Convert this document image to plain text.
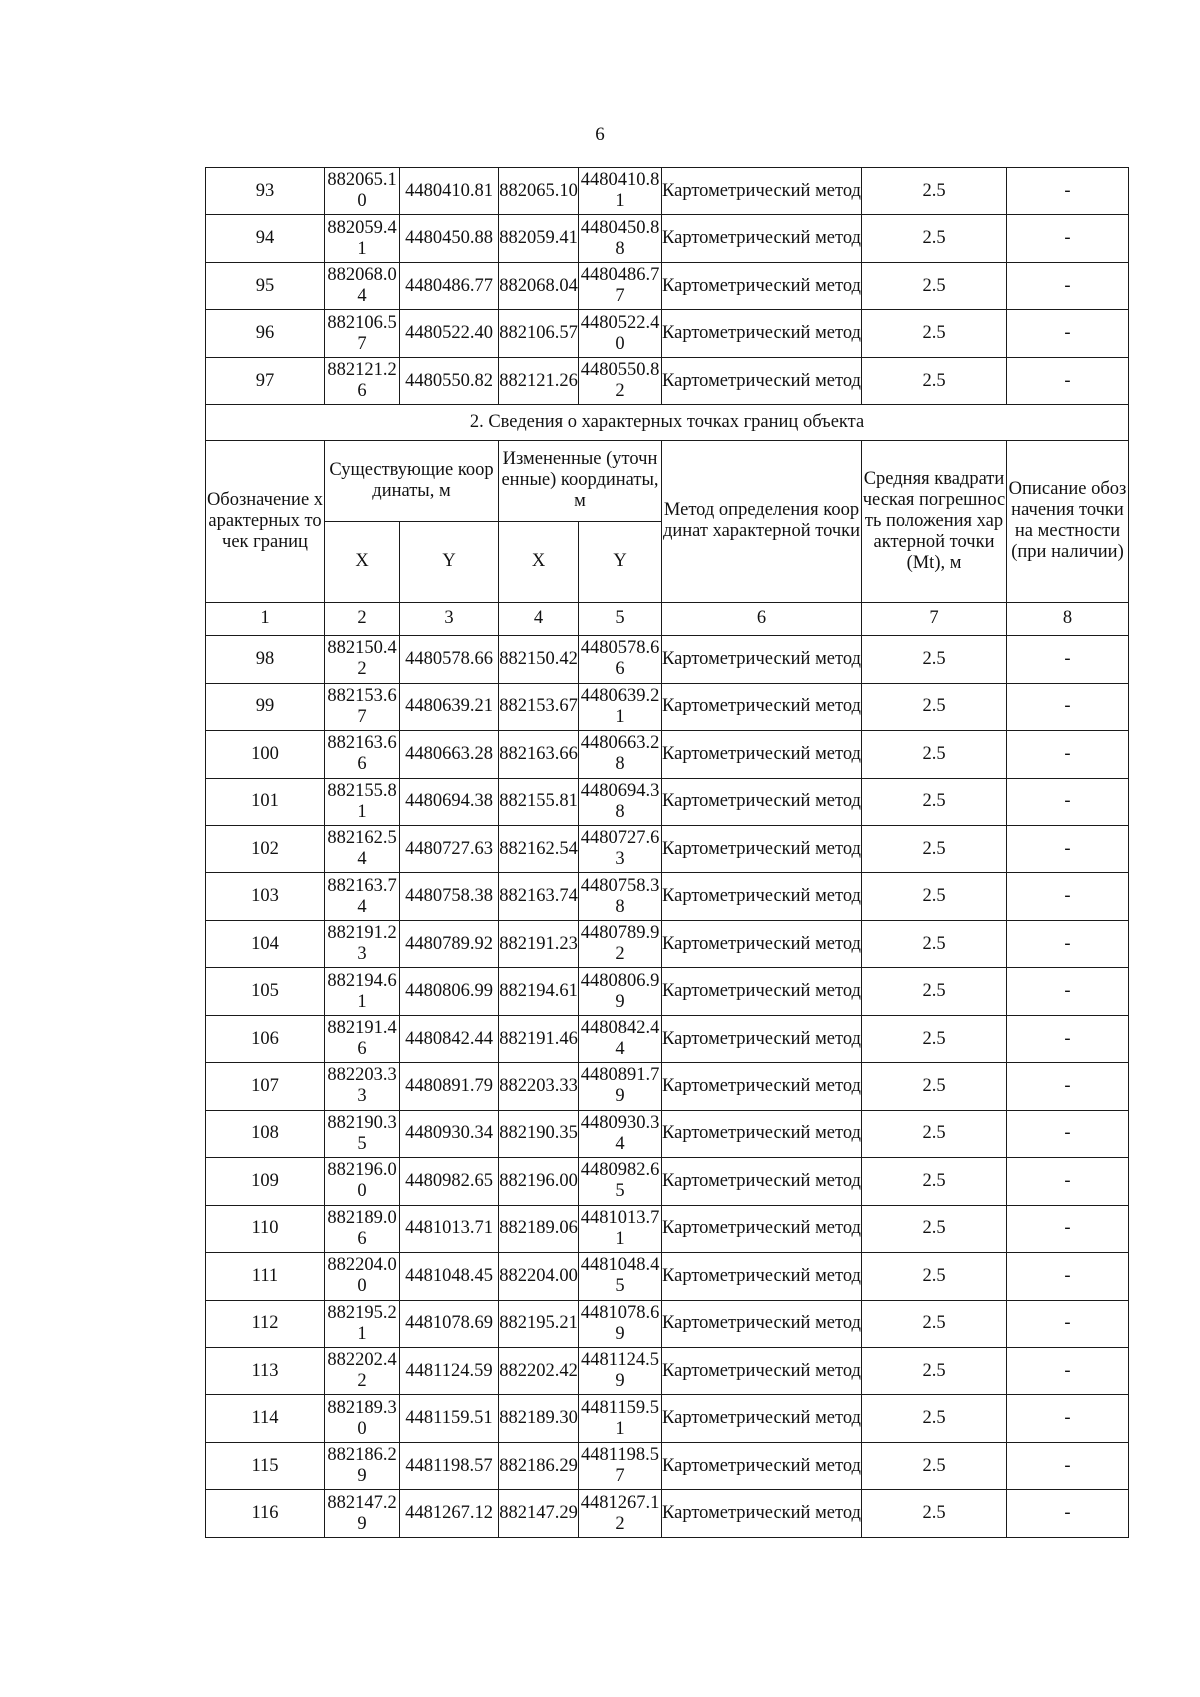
6
93	882065.10	4480410.81	882065.10	4480410.81	Картометрический метод	2.5	-
94	882059.41	4480450.88	882059.41	4480450.88	Картометрический метод	2.5	-
95	882068.04	4480486.77	882068.04	4480486.77	Картометрический метод	2.5	-
96	882106.57	4480522.40	882106.57	4480522.40	Картометрический метод	2.5	-
97	882121.26	4480550.82	882121.26	4480550.82	Картометрический метод	2.5	-
2. Сведения о характерных точках границ объекта							
Обозначение характерных точек границ	Существующие координаты, м		Измененные (уточненные) координаты, м		Метод определения координат характерной точки	Средняя квадратическая погрешность положения характерной точки (Mt), м	Описание обозначения точки на местности (при наличии)
	X	Y	X	Y			
1	2	3	4	5	6	7	8
98	882150.42	4480578.66	882150.42	4480578.66	Картометрический метод	2.5	-
99	882153.67	4480639.21	882153.67	4480639.21	Картометрический метод	2.5	-
100	882163.66	4480663.28	882163.66	4480663.28	Картометрический метод	2.5	-
101	882155.81	4480694.38	882155.81	4480694.38	Картометрический метод	2.5	-
102	882162.54	4480727.63	882162.54	4480727.63	Картометрический метод	2.5	-
103	882163.74	4480758.38	882163.74	4480758.38	Картометрический метод	2.5	-
104	882191.23	4480789.92	882191.23	4480789.92	Картометрический метод	2.5	-
105	882194.61	4480806.99	882194.61	4480806.99	Картометрический метод	2.5	-
106	882191.46	4480842.44	882191.46	4480842.44	Картометрический метод	2.5	-
107	882203.33	4480891.79	882203.33	4480891.79	Картометрический метод	2.5	-
108	882190.35	4480930.34	882190.35	4480930.34	Картометрический метод	2.5	-
109	882196.00	4480982.65	882196.00	4480982.65	Картометрический метод	2.5	-
110	882189.06	4481013.71	882189.06	4481013.71	Картометрический метод	2.5	-
111	882204.00	4481048.45	882204.00	4481048.45	Картометрический метод	2.5	-
112	882195.21	4481078.69	882195.21	4481078.69	Картометрический метод	2.5	-
113	882202.42	4481124.59	882202.42	4481124.59	Картометрический метод	2.5	-
114	882189.30	4481159.51	882189.30	4481159.51	Картометрический метод	2.5	-
115	882186.29	4481198.57	882186.29	4481198.57	Картометрический метод	2.5	-
116	882147.29	4481267.12	882147.29	4481267.12	Картометрический метод	2.5	-
